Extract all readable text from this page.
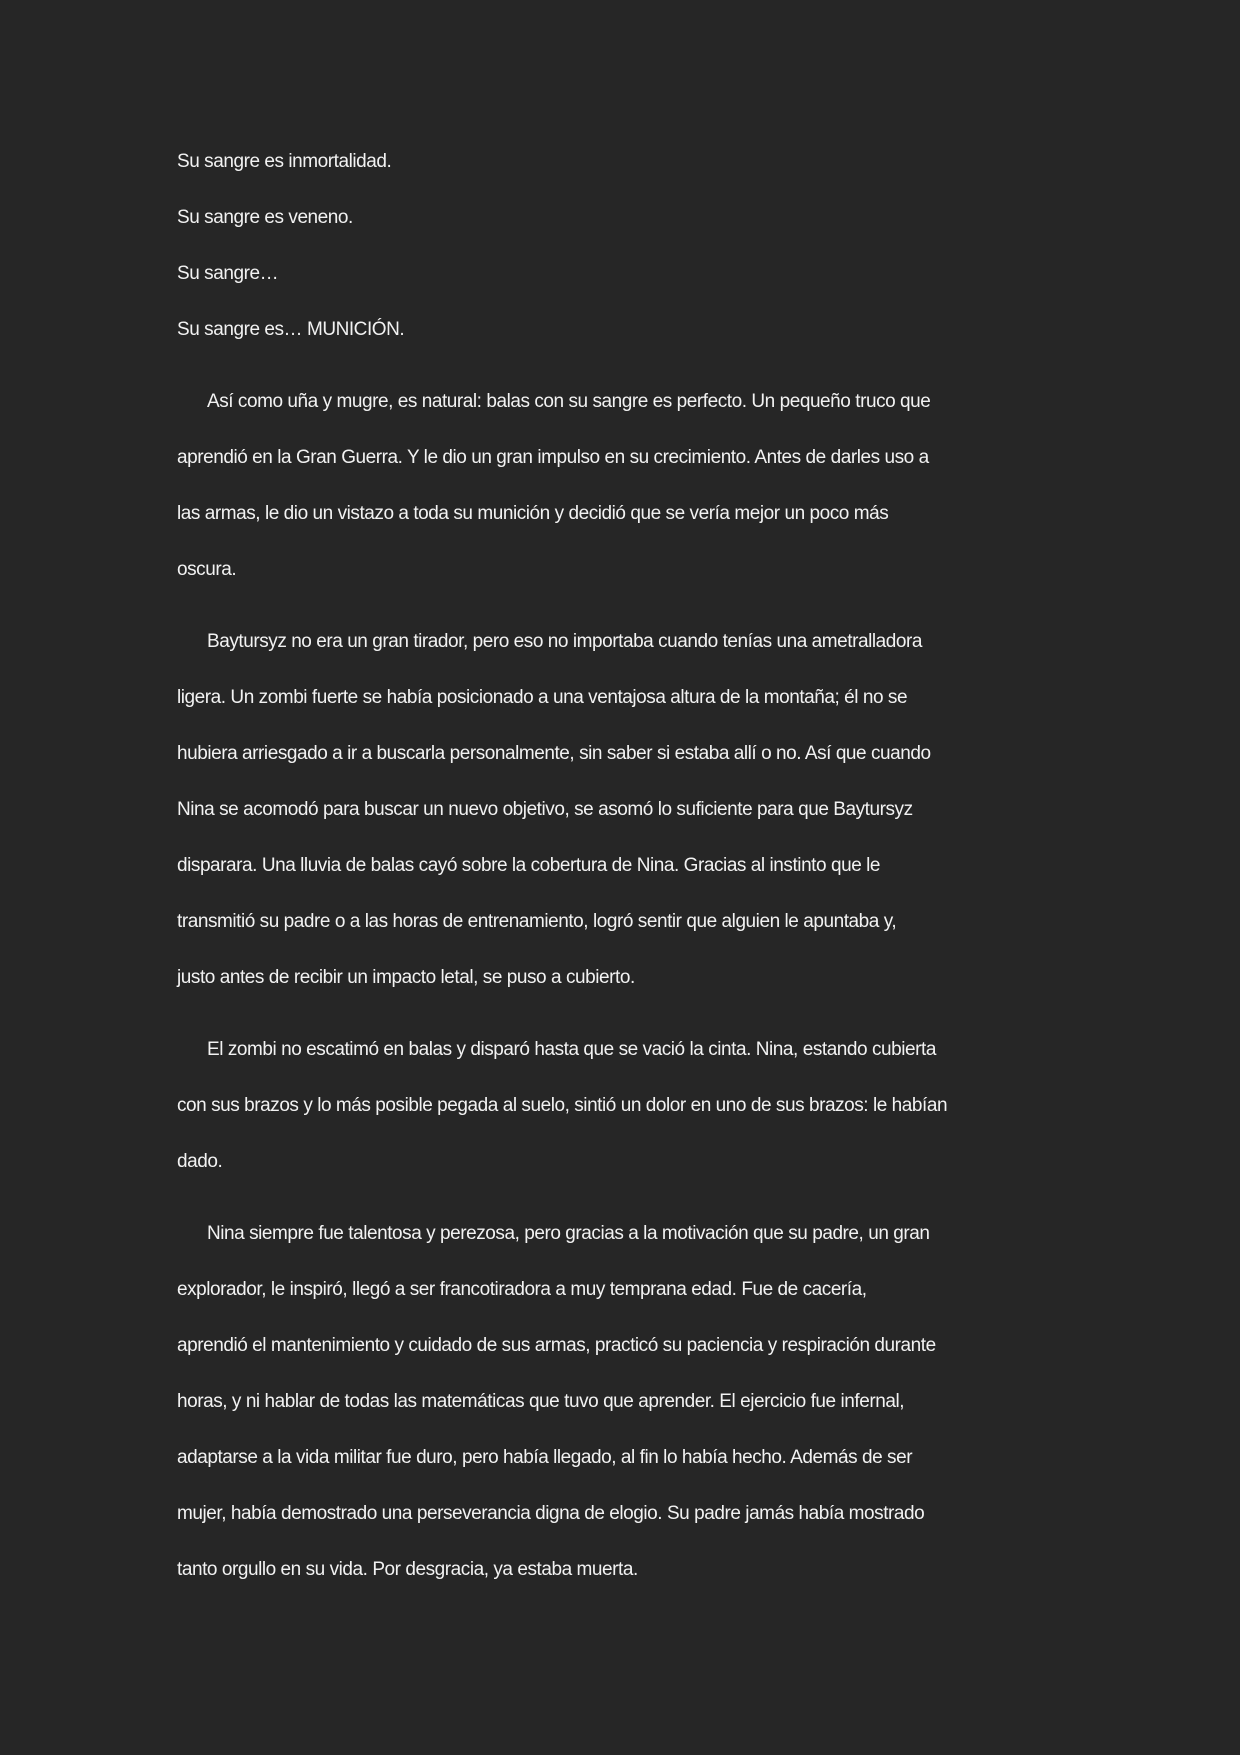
Su sangre es inmortalidad.
Su sangre es veneno.
Su sangre…
Su sangre es… MUNICIÓN.
Así como uña y mugre, es natural: balas con su sangre es perfecto. Un pequeño truco que
aprendió en la Gran Guerra. Y le dio un gran impulso en su crecimiento. Antes de darles uso a
las armas, le dio un vistazo a toda su munición y decidió que se vería mejor un poco más
oscura.
Baytursyz no era un gran tirador, pero eso no importaba cuando tenías una ametralladora
ligera. Un zombi fuerte se había posicionado a una ventajosa altura de la montaña; él no se
hubiera arriesgado a ir a buscarla personalmente, sin saber si estaba allí o no. Así que cuando
Nina se acomodó para buscar un nuevo objetivo, se asomó lo suficiente para que Baytursyz
disparara. Una lluvia de balas cayó sobre la cobertura de Nina. Gracias al instinto que le
transmitió su padre o a las horas de entrenamiento, logró sentir que alguien le apuntaba y,
justo antes de recibir un impacto letal, se puso a cubierto.
El zombi no escatimó en balas y disparó hasta que se vació la cinta. Nina, estando cubierta
con sus brazos y lo más posible pegada al suelo, sintió un dolor en uno de sus brazos: le habían
dado.
Nina siempre fue talentosa y perezosa, pero gracias a la motivación que su padre, un gran
explorador, le inspiró, llegó a ser francotiradora a muy temprana edad. Fue de cacería,
aprendió el mantenimiento y cuidado de sus armas, practicó su paciencia y respiración durante
horas, y ni hablar de todas las matemáticas que tuvo que aprender. El ejercicio fue infernal,
adaptarse a la vida militar fue duro, pero había llegado, al fin lo había hecho. Además de ser
mujer, había demostrado una perseverancia digna de elogio. Su padre jamás había mostrado
tanto orgullo en su vida. Por desgracia, ya estaba muerta.
